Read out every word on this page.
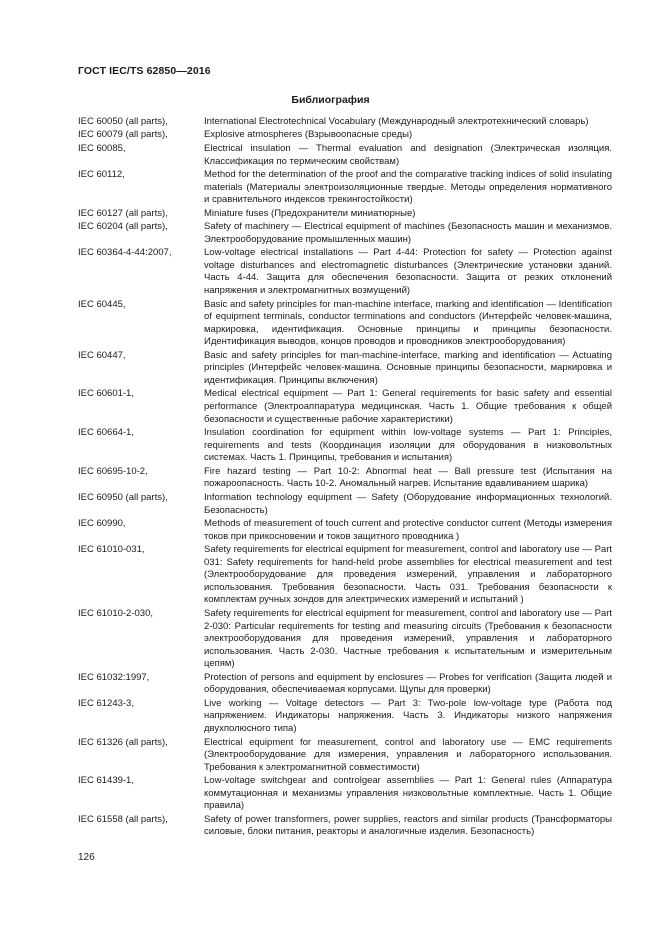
ГОСТ IEC/TS 62850—2016
Библиография
IEC 60050 (all parts),	International Electrotechnical Vocabulary (Международный электротехнический словарь)
IEC 60079 (all parts),	Explosive atmospheres (Взрывоопасные среды)
IEC 60085,	Electrical insulation — Thermal evaluation and designation (Электрическая изоляция. Классификация по термическим свойствам)
IEC 60112,	Method for the determination of the proof and the comparative tracking indices of solid insulating materials (Материалы электроизоляционные твердые. Методы определения нормативного и сравнительного индексов трекингостойкости)
IEC 60127 (all parts),	Miniature fuses (Предохранители миниатюрные)
IEC 60204 (all parts),	Safety of machinery — Electrical equipment of machines (Безопасность машин и механизмов. Электрооборудование промышленных машин)
IEC 60364-4-44:2007,	Low-voltage electrical installations — Part 4-44: Protection for safety — Protection against voltage disturbances and electromagnetic disturbances (Электрические установки зданий. Часть 4-44. Защита для обеспечения безопасности. Защита от резких отклонений напряжения и электромагнитных возмущений)
IEC 60445,	Basic and safety principles for man-machine interface, marking and identification — Identification of equipment terminals, conductor terminations and conductors (Интерфейс человек-машина, маркировка, идентификация. Основные принципы и принципы безопасности. Идентификация выводов, концов проводов и проводников электрооборудования)
IEC 60447,	Basic and safety principles for man-machine-interface, marking and identification — Actuating principles (Интерфейс человек-машина. Основные принципы безопасности, маркировка и идентификация. Принципы включения)
IEC 60601-1,	Medical electrical equipment — Part 1: General requirements for basic safety and essential performance (Электроаппаратура медицинская. Часть 1. Общие требования к общей безопасности и существенные рабочие характеристики)
IEC 60664-1,	Insulation coordination for equipment within low-voltage systems — Part 1: Principles, requirements and tests (Координация изоляции для оборудования в низковольтных системах. Часть 1. Принципы, требования и испытания)
IEC 60695-10-2,	Fire hazard testing — Part 10-2: Abnormal heat — Ball pressure test (Испытания на пожароопасность. Часть 10-2. Аномальный нагрев. Испытание вдавливанием шарика)
IEC 60950 (all parts),	Information technology equipment — Safety (Оборудование информационных технологий. Безопасность)
IEC 60990,	Methods of measurement of touch current and protective conductor current (Методы измерения токов при прикосновении и токов защитного проводника )
IEC 61010-031,	Safety requirements for electrical equipment for measurement, control and laboratory use — Part 031: Safety requirements for hand-held probe assemblies for electrical measurement and test (Электрооборудование для проведения измерений, управления и лабораторного использования. Требования безопасности. Часть 031. Требования безопасности к комплектам ручных зондов для электрических измерений и испытаний )
IEC 61010-2-030,	Safety requirements for electrical equipment for measurement, control and laboratory use — Part 2-030: Particular requirements for testing and measuring circuits (Требования к безопасности электрооборудования для проведения измерений, управления и лабораторного использования. Часть 2-030. Частные требования к испытательным и измерительным цепям)
IEC 61032:1997,	Protection of persons and equipment by enclosures — Probes for verification (Защита людей и оборудования, обеспечиваемая корпусами. Щупы для проверки)
IEC 61243-3,	Live working — Voltage detectors — Part 3: Two-pole low-voltage type (Работа под напряжением. Индикаторы напряжения. Часть 3. Индикаторы низкого напряжения двухполюсного типа)
IEC 61326 (all parts),	Electrical equipment for measurement, control and laboratory use — EMC requirements (Электрооборудование для измерения, управления и лабораторного использования. Требования к электромагнитной совместимости)
IEC 61439-1,	Low-voltage switchgear and controlgear assemblies — Part 1: General rules (Аппаратура коммутационная и механизмы управления низковольтные комплектные. Часть 1. Общие правила)
IEC 61558 (all parts),	Safety of power transformers, power supplies, reactors and similar products (Трансформаторы силовые, блоки питания, реакторы и аналогичные изделия. Безопасность)
126
